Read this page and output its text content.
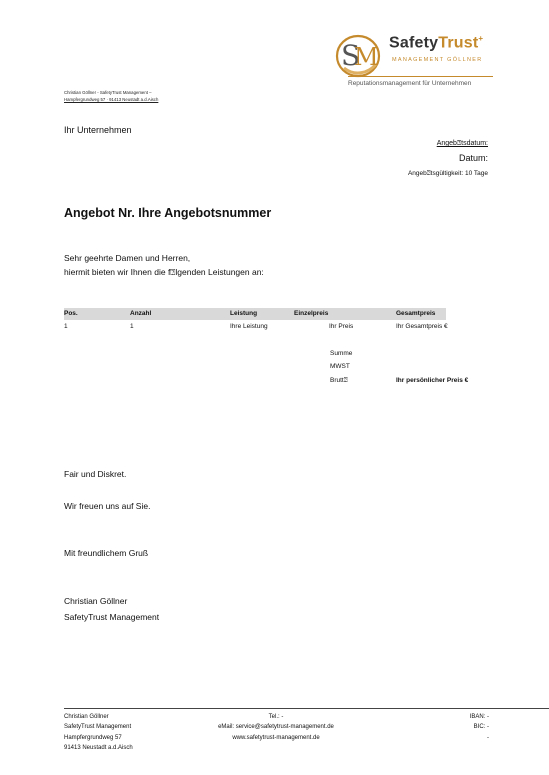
S
M
SafetyTrust+
MANAGEMENT GÖLLNER
Reputationsmanagement für Unternehmen
Christian Göllner - SafetyTrust Management –
Hampfergrundweg 57 · 91413 Neustadt a.d.Aisch
Ihr Unternehmen
Angeb⍰tsdatum:
Datum:
Angeb⍰tsgültigkeit: 10 Tage
Angebot Nr. Ihre Angebotsnummer
Sehr geehrte Damen und Herren,
hiermit bieten wir Ihnen die f⍰lgenden Leistungen an:
Pos.	Anzahl	Leistung	Einzelpreis	Gesamtpreis
1	1	Ihre Leistung	Ihr Preis	Ihr Gesamtpreis €
Summe
MWST
Brutt⍰	Ihr persönlicher Preis €
Fair und Diskret.
Wir freuen uns auf Sie.
Mit freundlichem Gruß
Christian Göllner
SafetyTrust Management
Christian Göllner
SafetyTrust Management
Hampfergrundweg 57
91413 Neustadt a.d.Aisch
Tel.: -
eMail: service@safetytrust-management.de
www.safetytrust-management.de
IBAN: -
BIC: -
-
